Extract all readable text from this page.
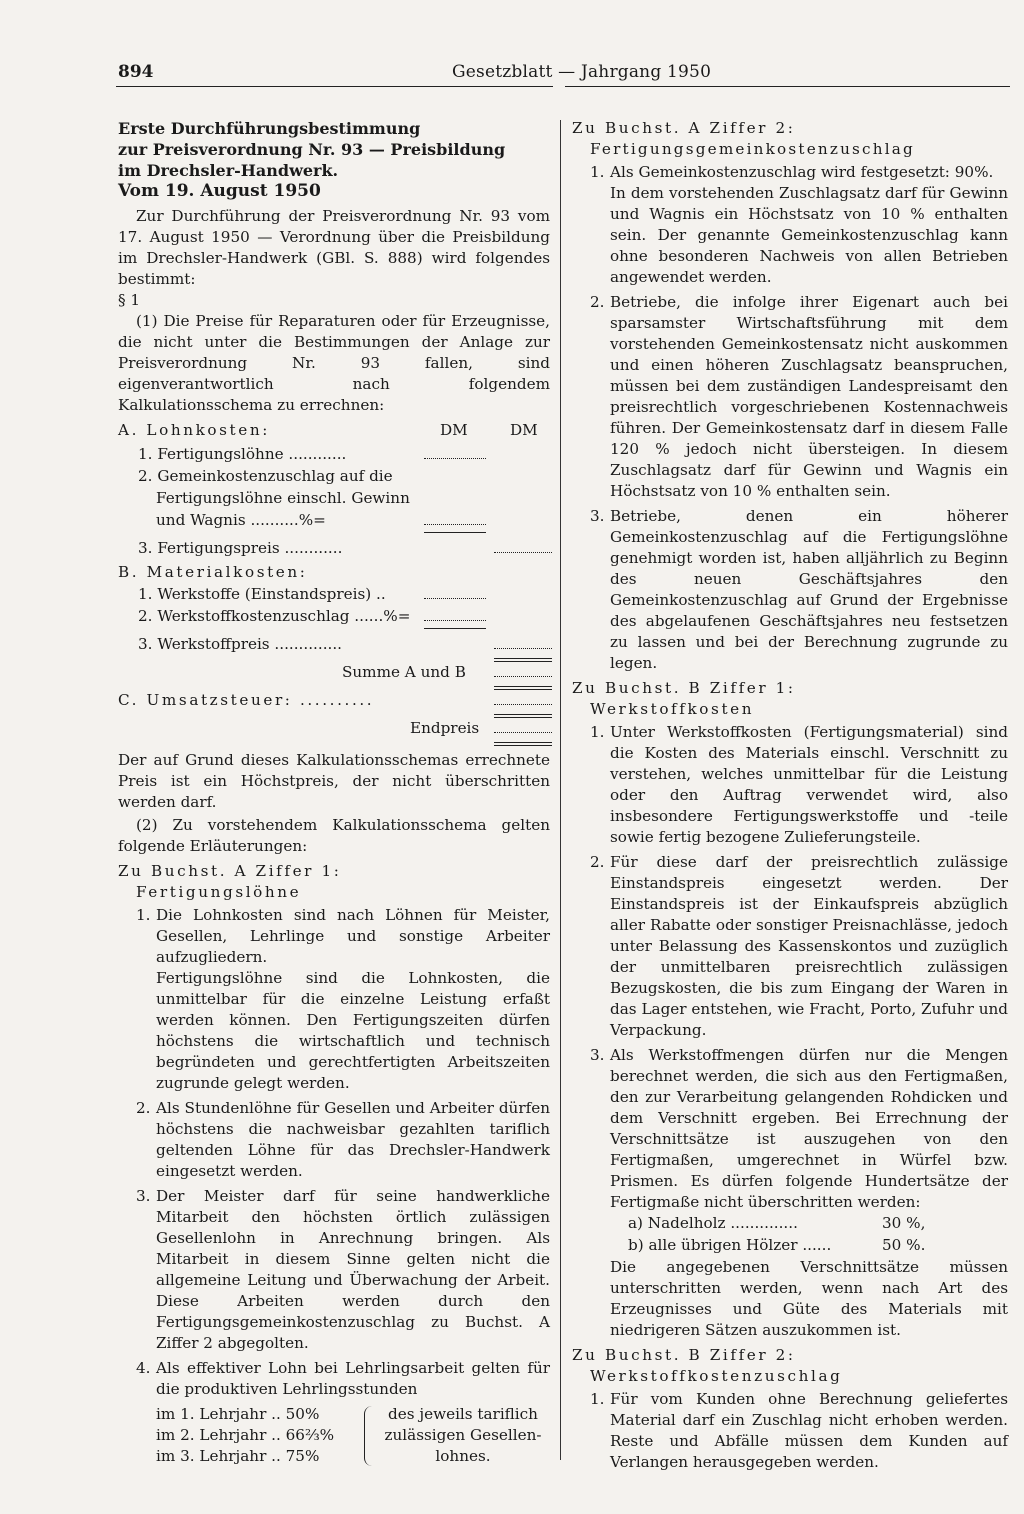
894	Gesetzblatt — Jahrgang 1950

Erste Durchführungsbestimmung

zur Preisverordnung Nr. 93 — Preisbildung

im Drechsler-Handwerk.

Vom 19. August 1950

Zur Durchführung der Preisverordnung Nr. 93 vom 17. August 1950 — Verordnung über die Preisbildung im Drechsler-Handwerk (GBl. S. 888) wird folgendes bestimmt:

§ 1

(1) Die Preise für Reparaturen oder für Erzeugnisse, die nicht unter die Bestimmungen der Anlage zur Preisverordnung Nr. 93 fallen, sind eigenverantwortlich nach folgendem Kalkulationsschema zu errechnen:

A. Lohnkosten:	DM	DM
1. Fertigungslöhne ............
2. Gemeinkostenzuschlag auf die
Fertigungslöhne einschl. Gewinn
und Wagnis ..........%=
3. Fertigungspreis ............
B. Materialkosten:
1. Werkstoffe (Einstandspreis) ..
2. Werkstoffkostenzuschlag ......%=
3. Werkstoffpreis ..............
Summe A und B
C. Umsatzsteuer: ..........
Endpreis

Der auf Grund dieses Kalkulationsschemas errechnete Preis ist ein Höchstpreis, der nicht überschritten werden darf.

(2) Zu vorstehendem Kalkulationsschema gelten folgende Erläuterungen:

Zu Buchst. A Ziffer 1:

Fertigungslöhne

1. Die Lohnkosten sind nach Löhnen für Meister, Gesellen, Lehrlinge und sonstige Arbeiter aufzugliedern.

Fertigungslöhne sind die Lohnkosten, die unmittelbar für die einzelne Leistung erfaßt werden können. Den Fertigungszeiten dürfen höchstens die wirtschaftlich und technisch begründeten und gerechtfertigten Arbeitszeiten zugrunde gelegt werden.

2. Als Stundenlöhne für Gesellen und Arbeiter dürfen höchstens die nachweisbar gezahlten tariflich geltenden Löhne für das Drechsler-Handwerk eingesetzt werden.
3. Der Meister darf für seine handwerkliche Mitarbeit den höchsten örtlich zulässigen Gesellenlohn in Anrechnung bringen. Als Mitarbeit in diesem Sinne gelten nicht die allgemeine Leitung und Überwachung der Arbeit. Diese Arbeiten werden durch den Fertigungsgemeinkostenzuschlag zu Buchst. A Ziffer 2 abgegolten.
4. Als effektiver Lohn bei Lehrlingsarbeit gelten für die produktiven Lehrlingsstunden
im 1. Lehrjahr .. 50%
im 2. Lehrjahr .. 66⅔%
im 3. Lehrjahr .. 75%
des jeweils tariflich
zulässigen Gesellen-
lohnes.

Zu Buchst. A Ziffer 2:

Fertigungsgemeinkostenzuschlag

1. Als Gemeinkostenzuschlag wird festgesetzt: 90%.

In dem vorstehenden Zuschlagsatz darf für Gewinn und Wagnis ein Höchstsatz von 10 % enthalten sein. Der genannte Gemeinkostenzuschlag kann ohne besonderen Nachweis von allen Betrieben angewendet werden.

2. Betriebe, die infolge ihrer Eigenart auch bei sparsamster Wirtschaftsführung mit dem vorstehenden Gemeinkostensatz nicht auskommen und einen höheren Zuschlagsatz beanspruchen, müssen bei dem zuständigen Landespreisamt den preisrechtlich vorgeschriebenen Kostennachweis führen. Der Gemeinkostensatz darf in diesem Falle 120 % jedoch nicht übersteigen. In diesem Zuschlagsatz darf für Gewinn und Wagnis ein Höchstsatz von 10 % enthalten sein.
3. Betriebe, denen ein höherer Gemeinkostenzuschlag auf die Fertigungslöhne genehmigt worden ist, haben alljährlich zu Beginn des neuen Geschäftsjahres den Gemeinkostenzuschlag auf Grund der Ergebnisse des abgelaufenen Geschäftsjahres neu festsetzen zu lassen und bei der Berechnung zugrunde zu legen.

Zu Buchst. B Ziffer 1:

Werkstoffkosten

1. Unter Werkstoffkosten (Fertigungsmaterial) sind die Kosten des Materials einschl. Verschnitt zu verstehen, welches unmittelbar für die Leistung oder den Auftrag verwendet wird, also insbesondere Fertigungswerkstoffe und -teile sowie fertig bezogene Zulieferungsteile.
2. Für diese darf der preisrechtlich zulässige Einstandspreis eingesetzt werden. Der Einstandspreis ist der Einkaufspreis abzüglich aller Rabatte oder sonstiger Preisnachlässe, jedoch unter Belassung des Kassenskontos und zuzüglich der unmittelbaren preisrechtlich zulässigen Bezugskosten, die bis zum Eingang der Waren in das Lager entstehen, wie Fracht, Porto, Zufuhr und Verpackung.
3. Als Werkstoffmengen dürfen nur die Mengen berechnet werden, die sich aus den Fertigmaßen, den zur Verarbeitung gelangenden Rohdicken und dem Verschnitt ergeben. Bei Errechnung der Verschnittsätze ist auszugehen von den Fertigmaßen, umgerechnet in Würfel bzw. Prismen. Es dürfen folgende Hundertsätze der Fertigmaße nicht überschritten werden:
a) Nadelholz ..............	30 %,
b) alle übrigen Hölzer ......	50 %.

Die angegebenen Verschnittsätze müssen unterschritten werden, wenn nach Art des Erzeugnisses und Güte des Materials mit niedrigeren Sätzen auszukommen ist.

Zu Buchst. B Ziffer 2:

Werkstoffkostenzuschlag

1. Für vom Kunden ohne Berechnung geliefertes Material darf ein Zuschlag nicht erhoben werden. Reste und Abfälle müssen dem Kunden auf Verlangen herausgegeben werden.
